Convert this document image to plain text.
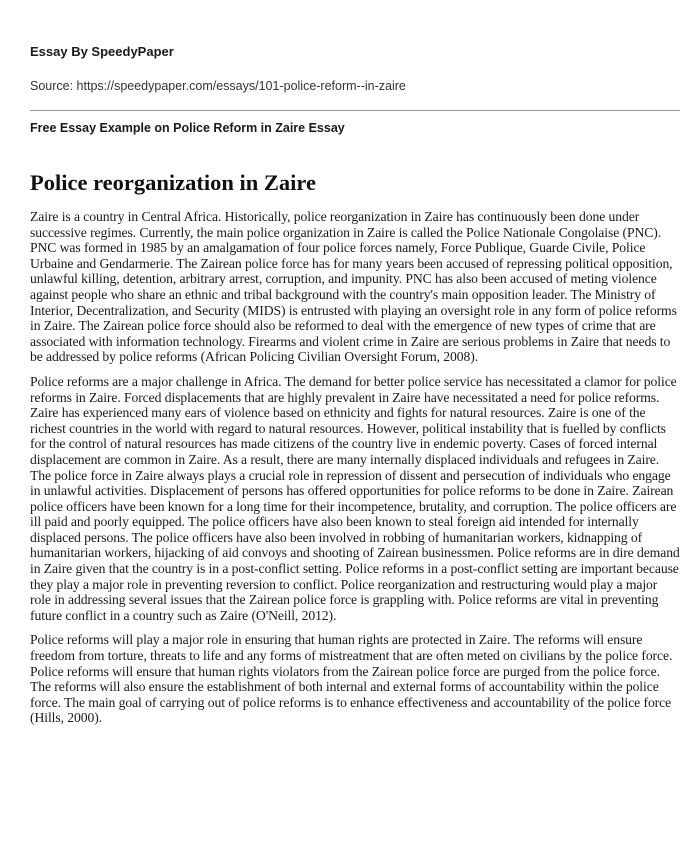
Essay By SpeedyPaper
Source: https://speedypaper.com/essays/101-police-reform--in-zaire
Free Essay Example on Police Reform in Zaire Essay
Police reorganization in Zaire

Zaire is a country in Central Africa. Historically, police reorganization in Zaire has continuously been done under successive regimes. Currently, the main police organization in Zaire is called the Police Nationale Congolaise (PNC). PNC was formed in 1985 by an amalgamation of four police forces namely, Force Publique, Guarde Civile, Police Urbaine and Gendarmerie. The Zairean police force has for many years been accused of repressing political opposition, unlawful killing, detention, arbitrary arrest, corruption, and impunity. PNC has also been accused of meting violence against people who share an ethnic and tribal background with the country's main opposition leader. The Ministry of Interior, Decentralization, and Security (MIDS) is entrusted with playing an oversight role in any form of police reforms in Zaire. The Zairean police force should also be reformed to deal with the emergence of new types of crime that are associated with information technology. Firearms and violent crime in Zaire are serious problems in Zaire that needs to be addressed by police reforms (African Policing Civilian Oversight Forum, 2008).

Police reforms are a major challenge in Africa. The demand for better police service has necessitated a clamor for police reforms in Zaire. Forced displacements that are highly prevalent in Zaire have necessitated a need for police reforms. Zaire has experienced many ears of violence based on ethnicity and fights for natural resources. Zaire is one of the richest countries in the world with regard to natural resources. However, political instability that is fuelled by conflicts for the control of natural resources has made citizens of the country live in endemic poverty. Cases of forced internal displacement are common in Zaire. As a result, there are many internally displaced individuals and refugees in Zaire. The police force in Zaire always plays a crucial role in repression of dissent and persecution of individuals who engage in unlawful activities. Displacement of persons has offered opportunities for police reforms to be done in Zaire. Zairean police officers have been known for a long time for their incompetence, brutality, and corruption. The police officers are ill paid and poorly equipped. The police officers have also been known to steal foreign aid intended for internally displaced persons. The police officers have also been involved in robbing of humanitarian workers, kidnapping of humanitarian workers, hijacking of aid convoys and shooting of Zairean businessmen. Police reforms are in dire demand in Zaire given that the country is in a post-conflict setting. Police reforms in a post-conflict setting are important because they play a major role in preventing reversion to conflict. Police reorganization and restructuring would play a major role in addressing several issues that the Zairean police force is grappling with. Police reforms are vital in preventing future conflict in a country such as Zaire (O'Neill, 2012).

Police reforms will play a major role in ensuring that human rights are protected in Zaire. The reforms will ensure freedom from torture, threats to life and any forms of mistreatment that are often meted on civilians by the police force. Police reforms will ensure that human rights violators from the Zairean police force are purged from the police force. The reforms will also ensure the establishment of both internal and external forms of accountability within the police force. The main goal of carrying out of police reforms is to enhance effectiveness and accountability of the police force (Hills, 2000).
